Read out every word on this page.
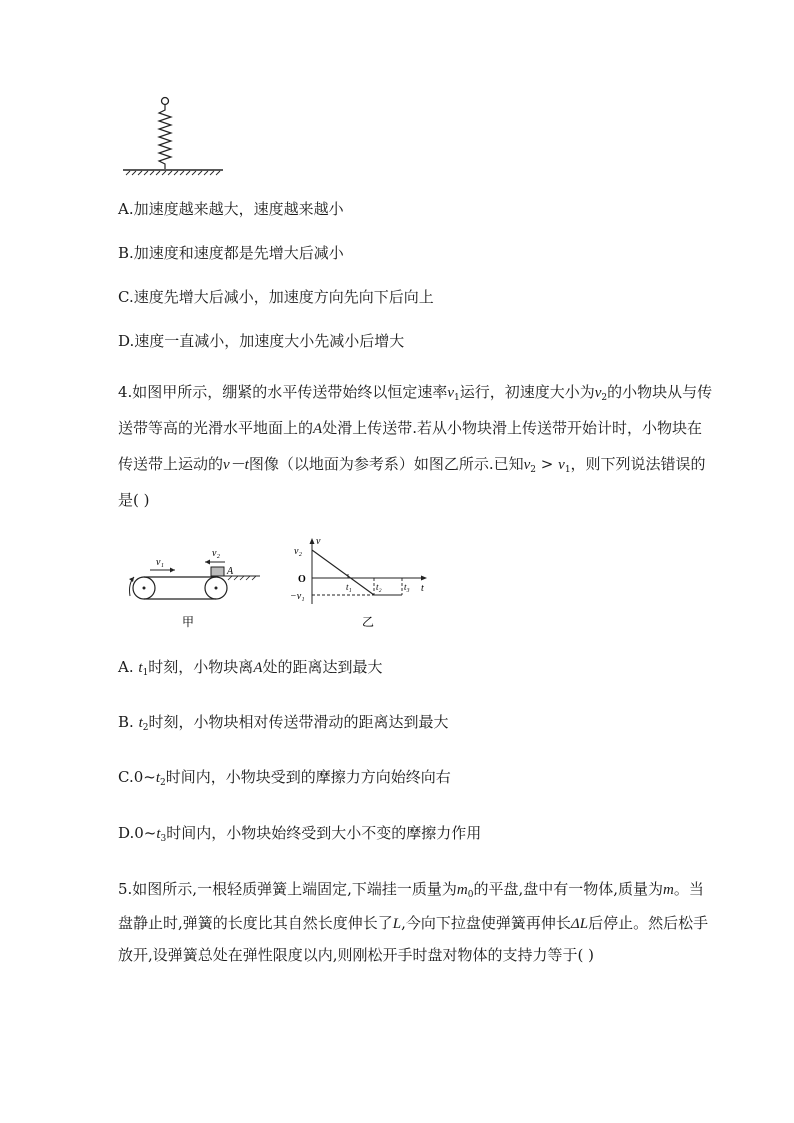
A.加速度越来越大，速度越来越小
B.加速度和速度都是先增大后减小
C.速度先增大后减小，加速度方向先向下后向上
D.速度一直减小，加速度大小先减小后增大
4.如图甲所示，绷紧的水平传送带始终以恒定速率$v_1$运行，初速度大小为$v_2$的小物块从与传
送带等高的光滑水平地面上的A处滑上传送带.若从小物块滑上传送带开始计时，小物块在
传送带上运动的v－t图像（以地面为参考系）如图乙所示.已知$v_2 > v_1$，则下列说法错误的
是( )
v₁
v₂
A
甲
v
t
v₂
O
−v₁
t₁	t₂ t₃
乙
A. $t_1$时刻，小物块离A处的距离达到最大
B. $t_2$时刻，小物块相对传送带滑动的距离达到最大
$C.0\sim t_2$时间内，小物块受到的摩擦力方向始终向右
$D.0\sim t_3$时间内，小物块始终受到大小不变的摩擦力作用
5.如图所示,一根轻质弹簧上端固定,下端挂一质量为$m_0$的平盘,盘中有一物体,质量为m。当
盘静止时,弹簧的长度比其自然长度伸长了L,今向下拉盘使弹簧再伸长ΔL后停止。然后松手
放开,设弹簧总处在弹性限度以内,则刚松开手时盘对物体的支持力等于( )
